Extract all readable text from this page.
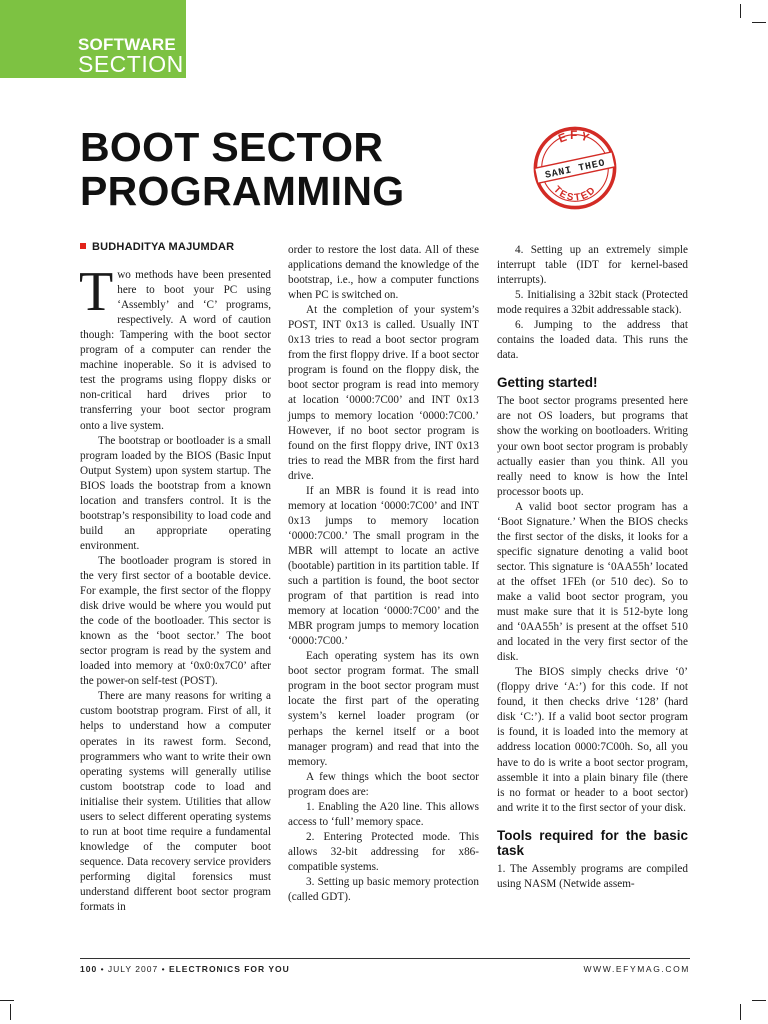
SOFTWARE
SECTION
BOOT SECTOR
PROGRAMMING
EFY
SANI THEO
TESTED
BUDHADITYA MAJUMDAR

Two methods have been presented here to boot your PC using ‘Assembly’ and ‘C’ programs, respectively. A word of caution though: Tampering with the boot sector program of a computer can render the machine inoperable. So it is advised to test the programs using floppy disks or non-critical hard drives prior to transferring your boot sector program onto a live system.

The bootstrap or bootloader is a small program loaded by the BIOS (Basic Input Output System) upon system startup. The BIOS loads the bootstrap from a known location and transfers control. It is the bootstrap’s responsibility to load code and build an appropriate operating environment.

The bootloader program is stored in the very first sector of a bootable device. For example, the first sector of the floppy disk drive would be where you would put the code of the bootloader. This sector is known as the ‘boot sector.’ The boot sector program is read by the system and loaded into memory at ‘0x0:0x7C0’ after the power-on self-test (POST).

There are many reasons for writing a custom bootstrap program. First of all, it helps to understand how a computer operates in its rawest form. Second, programmers who want to write their own operating systems will generally utilise custom bootstrap code to load and initialise their system. Utilities that allow users to select different operating systems to run at boot time require a fundamental knowledge of the computer boot sequence. Data recovery service providers performing digital forensics must understand different boot sector program formats in

order to restore the lost data. All of these applications demand the knowledge of the bootstrap, i.e., how a computer functions when PC is switched on.

At the completion of your system’s POST, INT 0x13 is called. Usually INT 0x13 tries to read a boot sector program from the first floppy drive. If a boot sector program is found on the floppy disk, the boot sector program is read into memory at location ‘0000:7C00’ and INT 0x13 jumps to memory location ‘0000:7C00.’ However, if no boot sector program is found on the first floppy drive, INT 0x13 tries to read the MBR from the first hard drive.

If an MBR is found it is read into memory at location ‘0000:7C00’ and INT 0x13 jumps to memory location ‘0000:7C00.’ The small program in the MBR will attempt to locate an active (bootable) partition in its partition table. If such a partition is found, the boot sector program of that partition is read into memory at location ‘0000:7C00’ and the MBR program jumps to memory location ‘0000:7C00.’

Each operating system has its own boot sector program format. The small program in the boot sector program must locate the first part of the operating system’s kernel loader program (or perhaps the kernel itself or a boot manager program) and read that into the memory.

A few things which the boot sector program does are:

1. Enabling the A20 line. This allows access to ‘full’ memory space.

2. Entering Protected mode. This allows 32-bit addressing for x86-compatible systems.

3. Setting up basic memory protection (called GDT).

4. Setting up an extremely simple interrupt table (IDT for kernel-based interrupts).

5. Initialising a 32bit stack (Protected mode requires a 32bit addressable stack).

6. Jumping to the address that contains the loaded data. This runs the data.

Getting started!

The boot sector programs presented here are not OS loaders, but programs that show the working on bootloaders. Writing your own boot sector program is probably actually easier than you think. All you really need to know is how the Intel processor boots up.

A valid boot sector program has a ‘Boot Signature.’ When the BIOS checks the first sector of the disks, it looks for a specific signature denoting a valid boot sector. This signature is ‘0AA55h’ located at the offset 1FEh (or 510 dec). So to make a valid boot sector program, you must make sure that it is 512-byte long and ‘0AA55h’ is present at the offset 510 and located in the very first sector of the disk.

The BIOS simply checks drive ‘0’ (floppy drive ‘A:’) for this code. If not found, it then checks drive ‘128’ (hard disk ‘C:’). If a valid boot sector program is found, it is loaded into the memory at address location 0000:7C00h. So, all you have to do is write a boot sector program, assemble it into a plain binary file (there is no format or header to a boot sector) and write it to the first sector of your disk.

Tools required for the basic task

1. The Assembly programs are compiled using NASM (Netwide assem-

100 • JULY 2007 • ELECTRONICS FOR YOU	WWW.EFYMAG.COM
